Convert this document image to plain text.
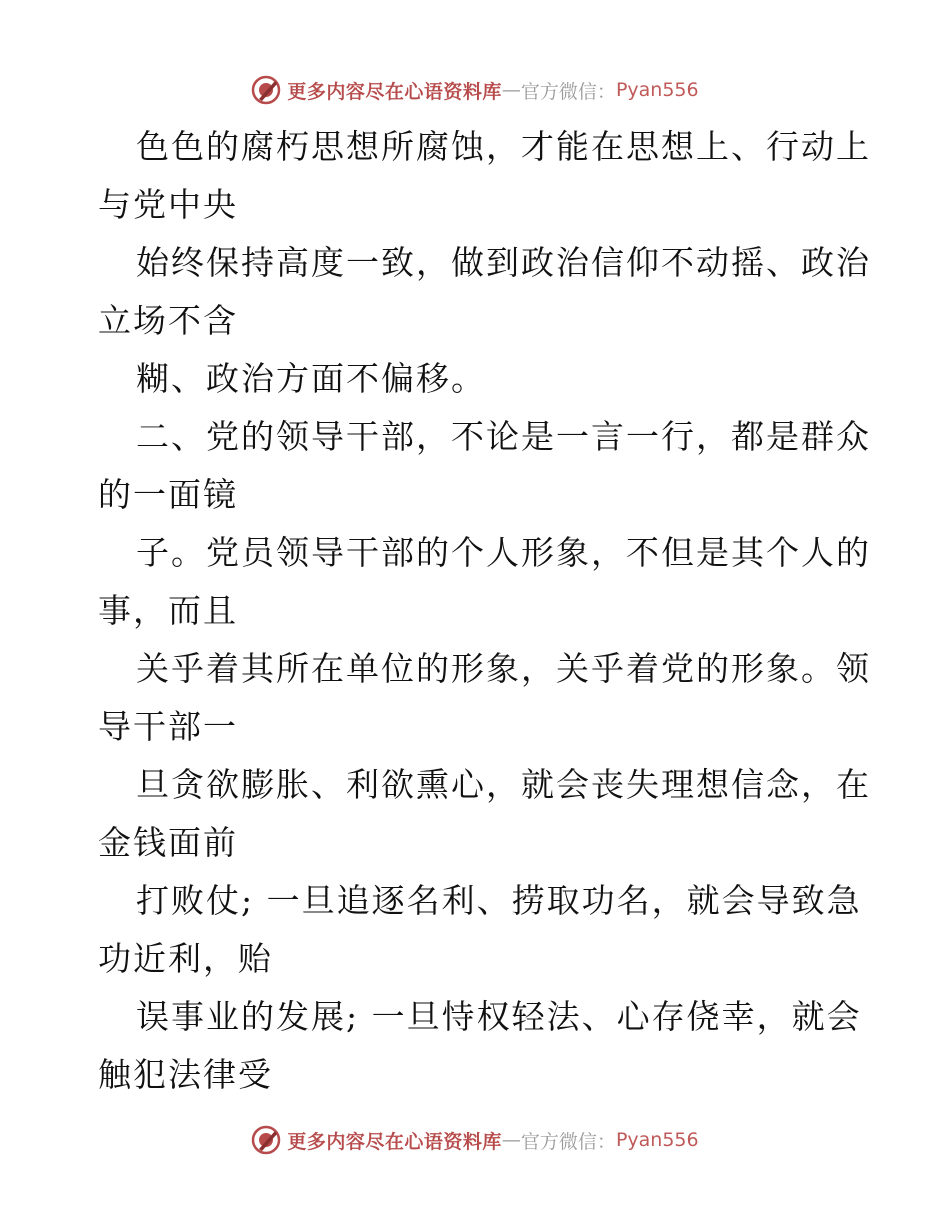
更多内容尽在心语资料库 — 官方微信： Pyan556
色色的腐朽思想所腐蚀，才能在思想上、行动上
与党中央
始终保持高度一致，做到政治信仰不动摇、政治
立场不含
糊、政治方面不偏移。
二、党的领导干部，不论是一言一行，都是群众
的一面镜
子。党员领导干部的个人形象，不但是其个人的
事，而且
关乎着其所在单位的形象，关乎着党的形象。领
导干部一
旦贪欲膨胀、利欲熏心，就会丧失理想信念，在
金钱面前
打败仗; 一旦追逐名利、捞取功名，就会导致急
功近利，贻
误事业的发展; 一旦恃权轻法、心存侥幸，就会
触犯法律受
更多内容尽在心语资料库 — 官方微信： Pyan556
